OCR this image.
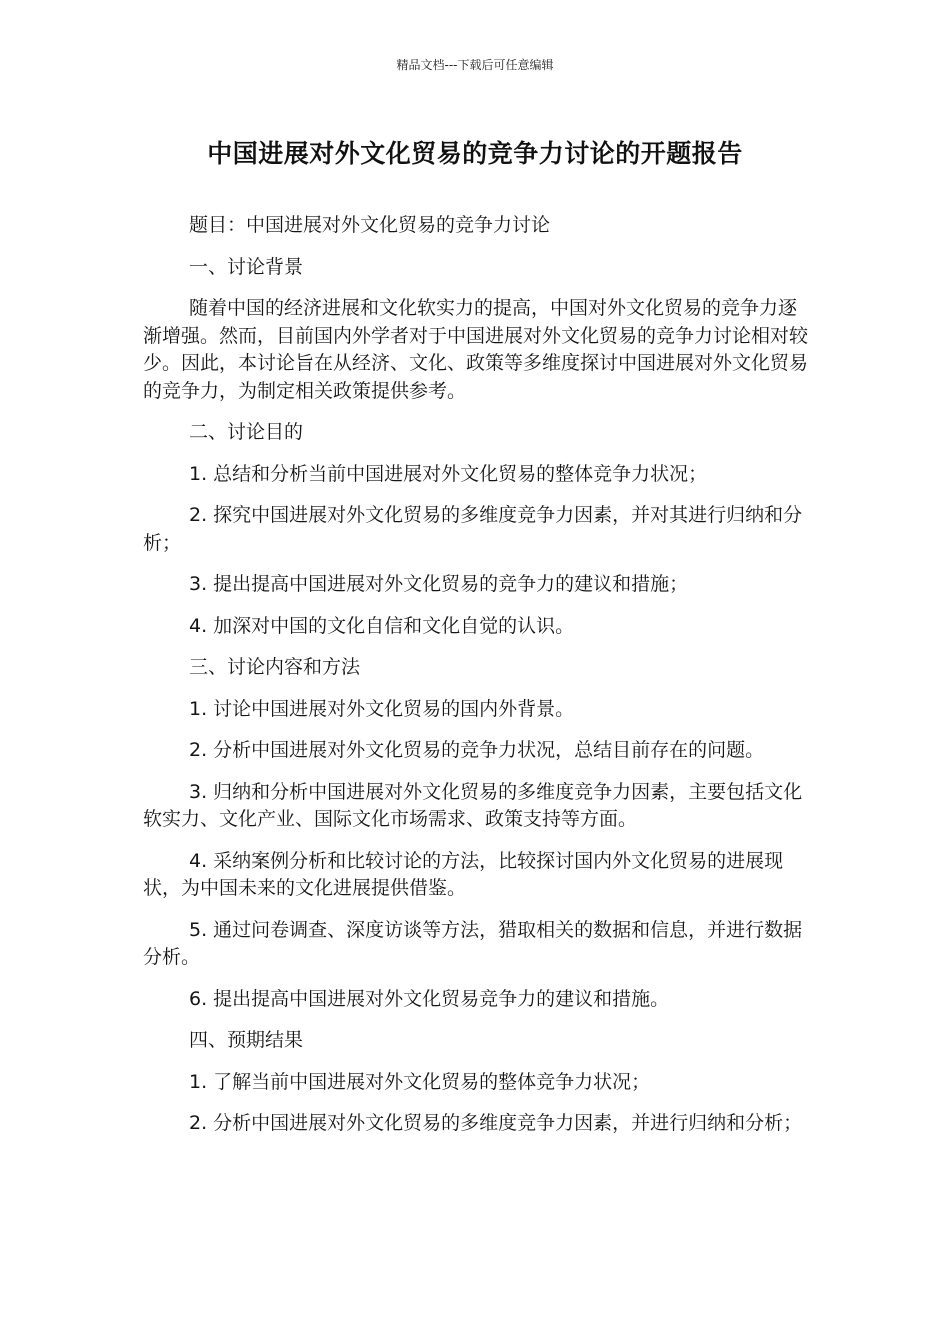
精品文档---下载后可任意编辑
中国进展对外文化贸易的竞争力讨论的开题报告

题目：中国进展对外文化贸易的竞争力讨论

一、讨论背景

随着中国的经济进展和文化软实力的提高，中国对外文化贸易的竞争力逐渐增强。然而，目前国内外学者对于中国进展对外文化贸易的竞争力讨论相对较少。因此，本讨论旨在从经济、文化、政策等多维度探讨中国进展对外文化贸易的竞争力，为制定相关政策提供参考。

二、讨论目的

1. 总结和分析当前中国进展对外文化贸易的整体竞争力状况；

2. 探究中国进展对外文化贸易的多维度竞争力因素，并对其进行归纳和分析；

3. 提出提高中国进展对外文化贸易的竞争力的建议和措施；

4. 加深对中国的文化自信和文化自觉的认识。

三、讨论内容和方法

1. 讨论中国进展对外文化贸易的国内外背景。

2. 分析中国进展对外文化贸易的竞争力状况，总结目前存在的问题。

3. 归纳和分析中国进展对外文化贸易的多维度竞争力因素，主要包括文化软实力、文化产业、国际文化市场需求、政策支持等方面。

4. 采纳案例分析和比较讨论的方法，比较探讨国内外文化贸易的进展现状，为中国未来的文化进展提供借鉴。

5. 通过问卷调查、深度访谈等方法，猎取相关的数据和信息，并进行数据分析。

6. 提出提高中国进展对外文化贸易竞争力的建议和措施。

四、预期结果

1. 了解当前中国进展对外文化贸易的整体竞争力状况；

2. 分析中国进展对外文化贸易的多维度竞争力因素，并进行归纳和分析；
